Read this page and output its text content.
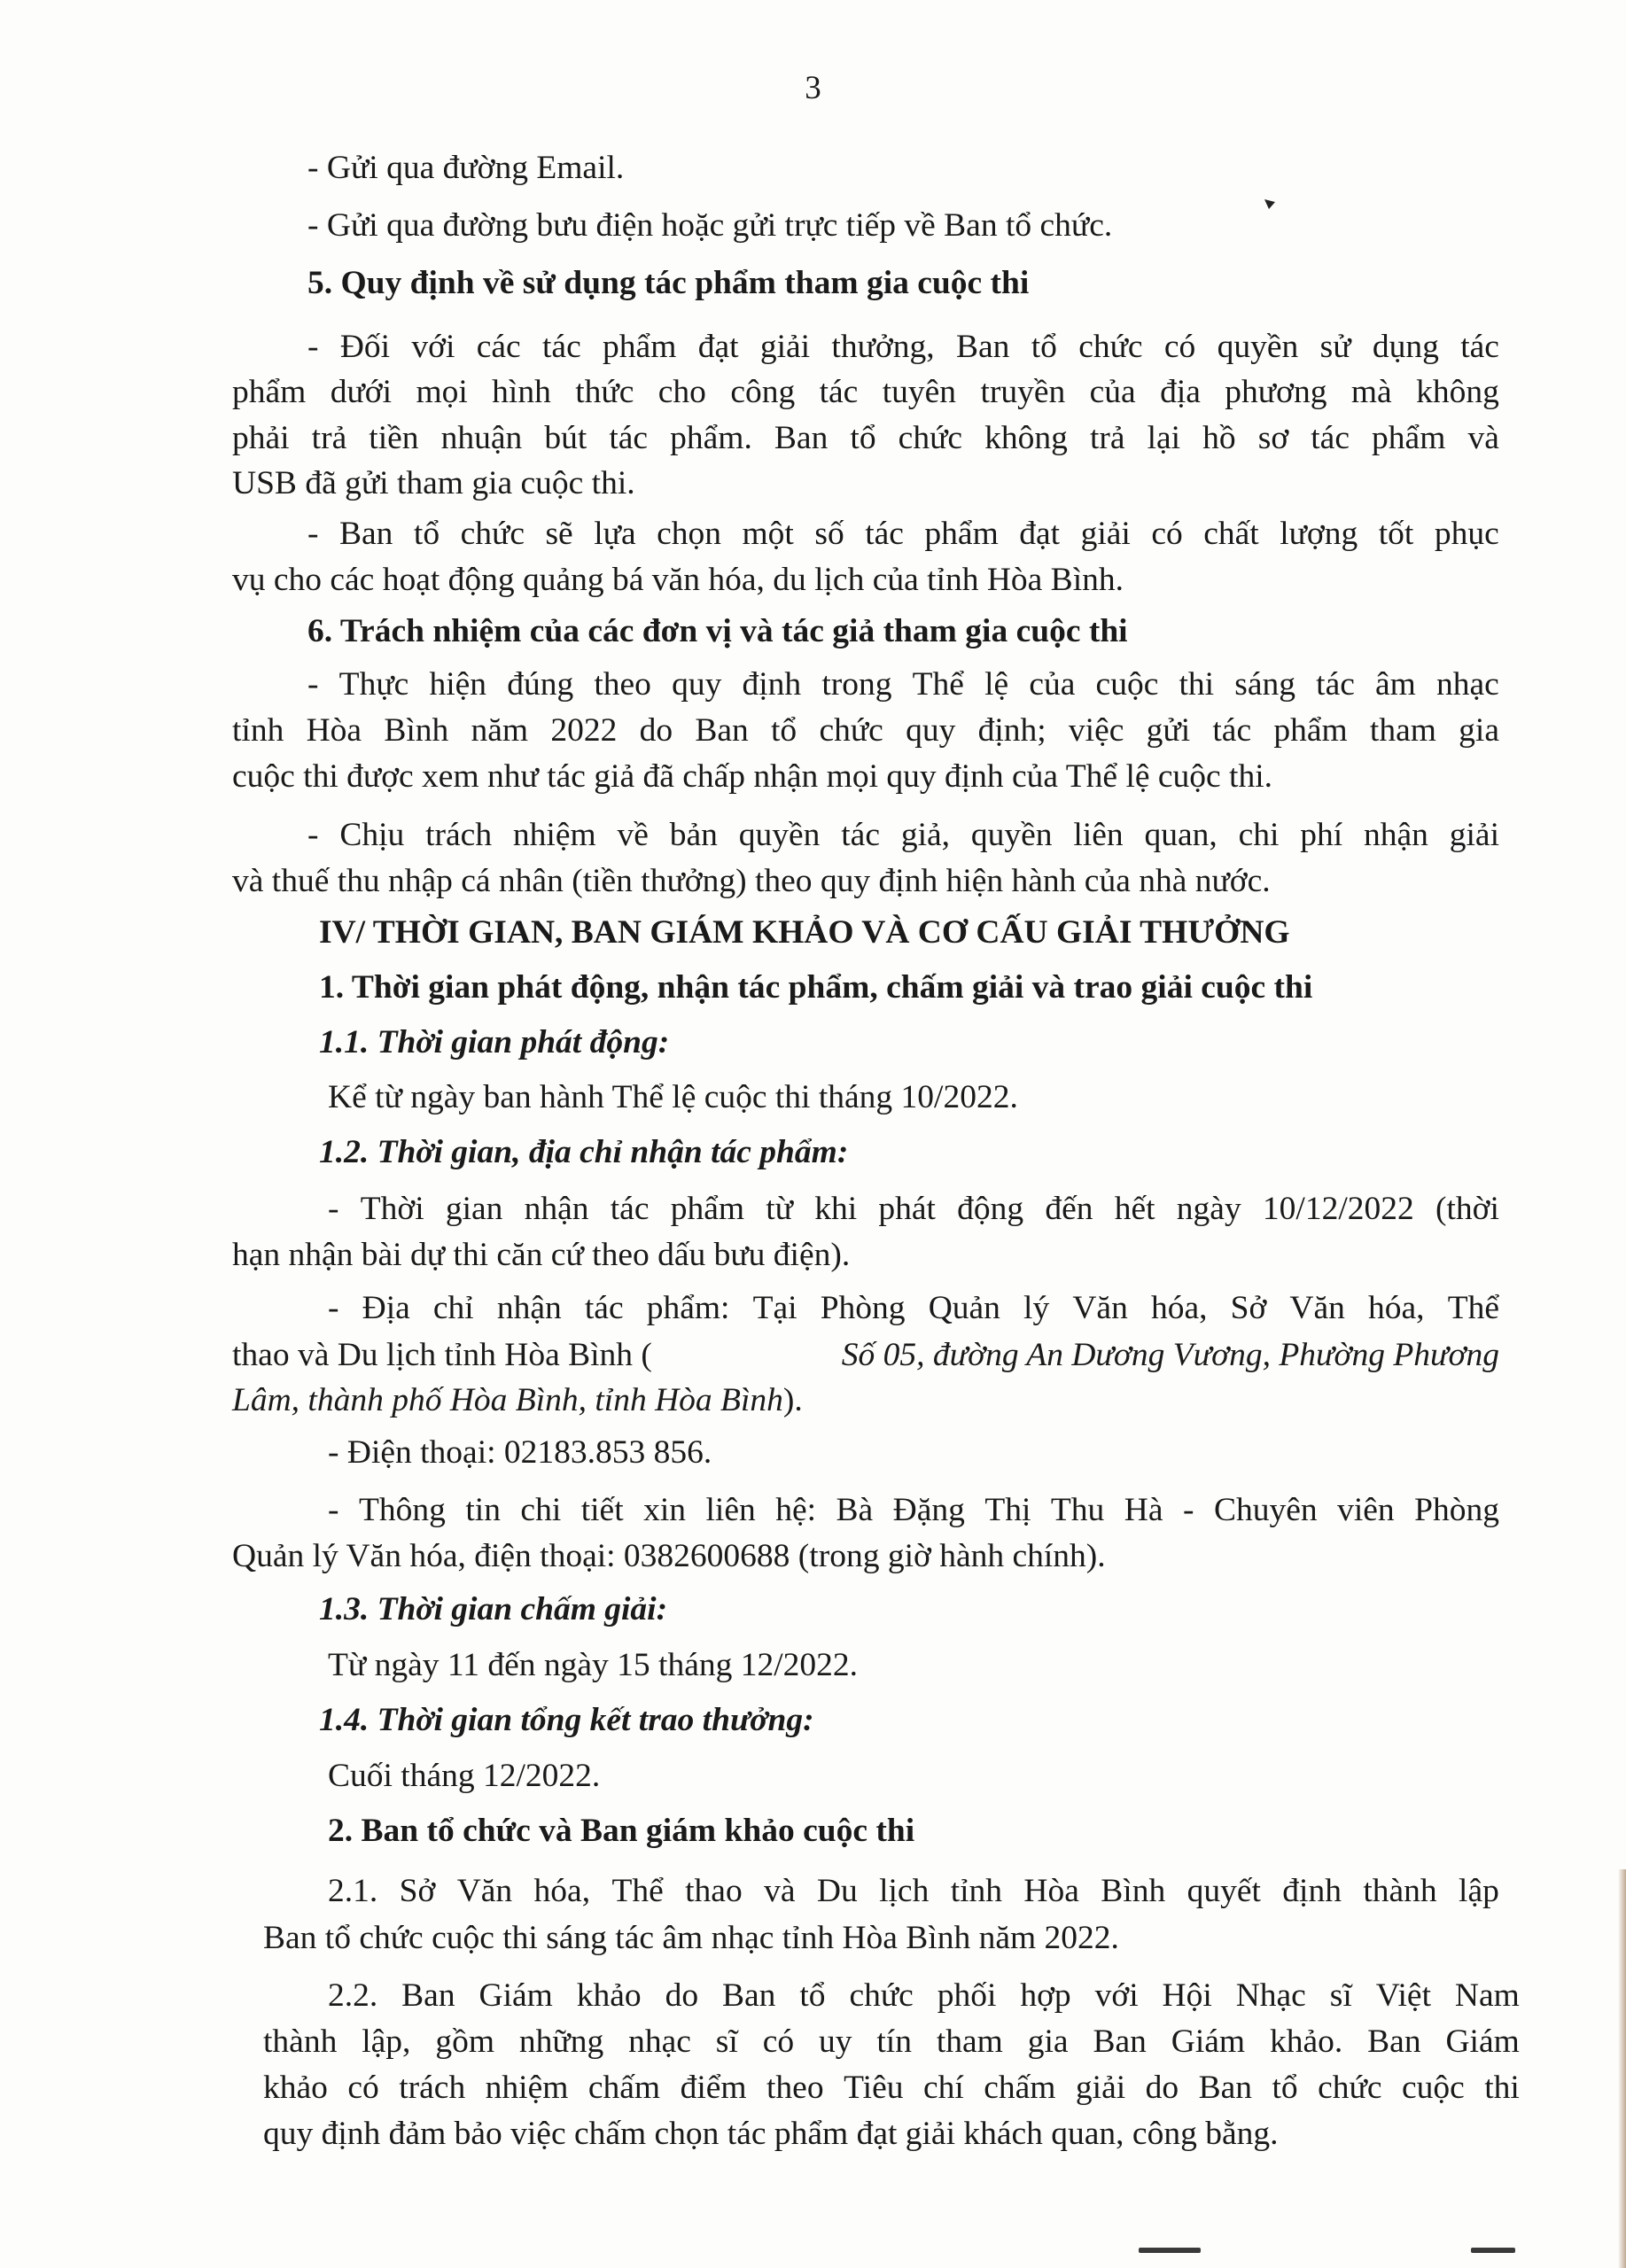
3
- Gửi qua đường Email.
- Gửi qua đường bưu điện hoặc gửi trực tiếp về Ban tổ chức.
5. Quy định về sử dụng tác phẩm tham gia cuộc thi
- Đối với các tác phẩm đạt giải thưởng, Ban tổ chức có quyền sử dụng tác
phẩm dưới mọi hình thức cho công tác tuyên truyền của địa phương mà không
phải trả tiền nhuận bút tác phẩm. Ban tổ chức không trả lại hồ sơ tác phẩm và
USB đã gửi tham gia cuộc thi.
- Ban tổ chức sẽ lựa chọn một số tác phẩm đạt giải có chất lượng tốt phục
vụ cho các hoạt động quảng bá văn hóa, du lịch của tỉnh Hòa Bình.
6. Trách nhiệm của các đơn vị và tác giả tham gia cuộc thi
- Thực hiện đúng theo quy định trong Thể lệ của cuộc thi sáng tác âm nhạc
tỉnh Hòa Bình năm 2022 do Ban tổ chức quy định; việc gửi tác phẩm tham gia
cuộc thi được xem như tác giả đã chấp nhận mọi quy định của Thể lệ cuộc thi.
- Chịu trách nhiệm về bản quyền tác giả, quyền liên quan, chi phí nhận giải
và thuế thu nhập cá nhân (tiền thưởng) theo quy định hiện hành của nhà nước.
IV/ THỜI GIAN, BAN GIÁM KHẢO VÀ CƠ CẤU GIẢI THƯỞNG
1. Thời gian phát động, nhận tác phẩm, chấm giải và trao giải cuộc thi
1.1. Thời gian phát động:
Kể từ ngày ban hành Thể lệ cuộc thi tháng 10/2022.
1.2. Thời gian, địa chỉ nhận tác phẩm:
- Thời gian nhận tác phẩm từ khi phát động đến hết ngày 10/12/2022 (thời
hạn nhận bài dự thi căn cứ theo dấu bưu điện).
- Địa chỉ nhận tác phẩm: Tại Phòng Quản lý Văn hóa, Sở Văn hóa, Thể
thao và Du lịch tỉnh Hòa Bình (	Số 05, đường An Dương Vương, Phường Phương
Lâm, thành phố Hòa Bình, tỉnh Hòa Bình).
- Điện thoại: 02183.853 856.
- Thông tin chi tiết xin liên hệ: Bà Đặng Thị Thu Hà - Chuyên viên Phòng
Quản lý Văn hóa, điện thoại: 0382600688 (trong giờ hành chính).
1.3. Thời gian chấm giải:
Từ ngày 11 đến ngày 15 tháng 12/2022.
1.4. Thời gian tổng kết trao thưởng:
Cuối tháng 12/2022.
2. Ban tổ chức và Ban giám khảo cuộc thi
2.1. Sở Văn hóa, Thể thao và Du lịch tỉnh Hòa Bình quyết định thành lập
Ban tổ chức cuộc thi sáng tác âm nhạc tỉnh Hòa Bình năm 2022.
2.2. Ban Giám khảo do Ban tổ chức phối hợp với Hội Nhạc sĩ Việt Nam
thành lập, gồm những nhạc sĩ có uy tín tham gia Ban Giám khảo. Ban Giám
khảo có trách nhiệm chấm điểm theo Tiêu chí chấm giải do Ban tổ chức cuộc thi
quy định đảm bảo việc chấm chọn tác phẩm đạt giải khách quan, công bằng.
